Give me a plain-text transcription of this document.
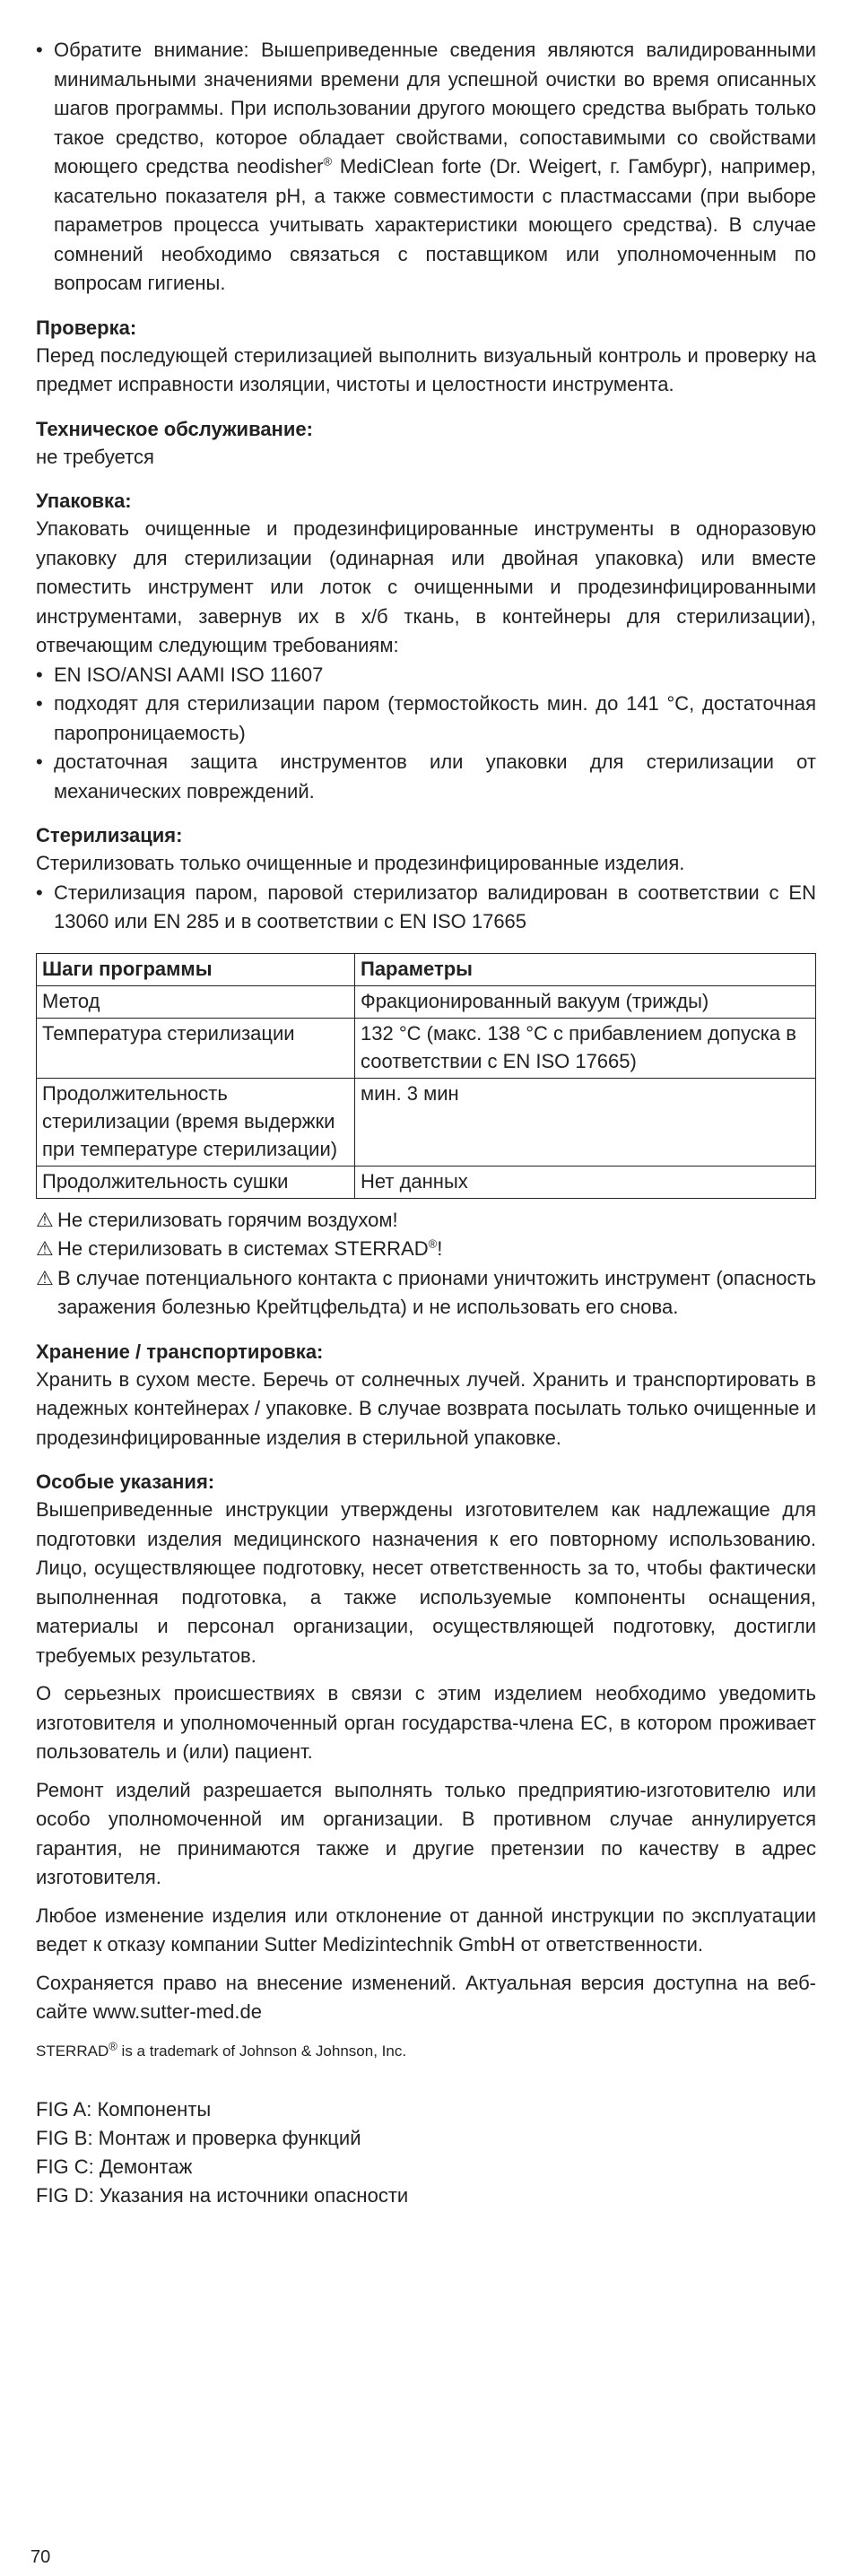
• Обратите внимание: Вышеприведенные сведения являются валидированными минимальными значениями времени для успешной очистки во время описанных шагов программы. При использовании другого моющего средства выбрать только такое средство, которое обладает свойствами, сопоставимыми со свойствами моющего средства neodisher® MediClean forte (Dr. Weigert, г. Гамбург), например, касательно показателя pH, а также совместимости с пластмассами (при выборе параметров процесса учитывать характеристики моющего средства). В случае сомнений необходимо связаться с поставщиком или уполномоченным по вопросам гигиены.
Проверка:

Перед последующей стерилизацией выполнить визуальный контроль и проверку на предмет исправности изоляции, чистоты и целостности инструмента.

Техническое обслуживание:

не требуется

Упаковка:

Упаковать очищенные и продезинфицированные инструменты в одноразовую упаковку для стерилизации (одинарная или двойная упаковка) или вместе поместить инструмент или лоток с очищенными и продезинфицированными инструментами, завернув их в х/б ткань, в контейнеры для стерилизации), отвечающим следующим требованиям:

• EN ISO/ANSI AAMI ISO 11607
• подходят для стерилизации паром (термостойкость мин. до 141 °C, достаточная паропроницаемость)
• достаточная защита инструментов или упаковки для стерилизации от механических повреждений.
Стерилизация:

Стерилизовать только очищенные и продезинфицированные изделия.

• Стерилизация паром, паровой стерилизатор валидирован в соответствии с EN 13060 или EN 285 и в соответствии с EN ISO 17665
Шаги программы	Параметры
Метод	Фракционированный вакуум (трижды)
Температура стерилизации	132 °C (макс. 138 °C с прибавлением допуска в соответствии с EN ISO 17665)
Продолжительность стерилизации (время выдержки при температуре стерилизации)	мин. 3 мин
Продолжительность сушки	Нет данных
⚠ Не стерилизовать горячим воздухом!
⚠ Не стерилизовать в системах STERRAD®!
⚠ В случае потенциального контакта с прионами уничтожить инструмент (опасность заражения болезнью Крейтцфельдта) и не использовать его снова.
Хранение / транспортировка:

Хранить в сухом месте. Беречь от солнечных лучей. Хранить и транспортировать в надежных контейнерах / упаковке. В случае возврата посылать только очищенные и продезинфицированные изделия в стерильной упаковке.

Особые указания:

Вышеприведенные инструкции утверждены изготовителем как надлежащие для подготовки изделия медицинского назначения к его повторному использованию. Лицо, осуществляющее подготовку, несет ответственность за то, чтобы фактически выполненная подготовка, а также используемые компоненты оснащения, материалы и персонал организации, осуществляющей подготовку, достигли требуемых результатов.

О серьезных происшествиях в связи с этим изделием необходимо уведомить изготовителя и уполномоченный орган государства-члена ЕС, в котором проживает пользователь и (или) пациент.

Ремонт изделий разрешается выполнять только предприятию-изготовителю или особо уполномоченной им организации. В противном случае аннулируется гарантия, не принимаются также и другие претензии по качеству в адрес изготовителя.

Любое изменение изделия или отклонение от данной инструкции по эксплуатации ведет к отказу компании Sutter Medizintechnik GmbH от ответственности.

Сохраняется право на внесение изменений. Актуальная версия доступна на веб-сайте www.sutter-med.de

STERRAD® is a trademark of Johnson & Johnson, Inc.

FIG A: Компоненты
FIG B: Монтаж и проверка функций
FIG C: Демонтаж
FIG D: Указания на источники опасности
70
